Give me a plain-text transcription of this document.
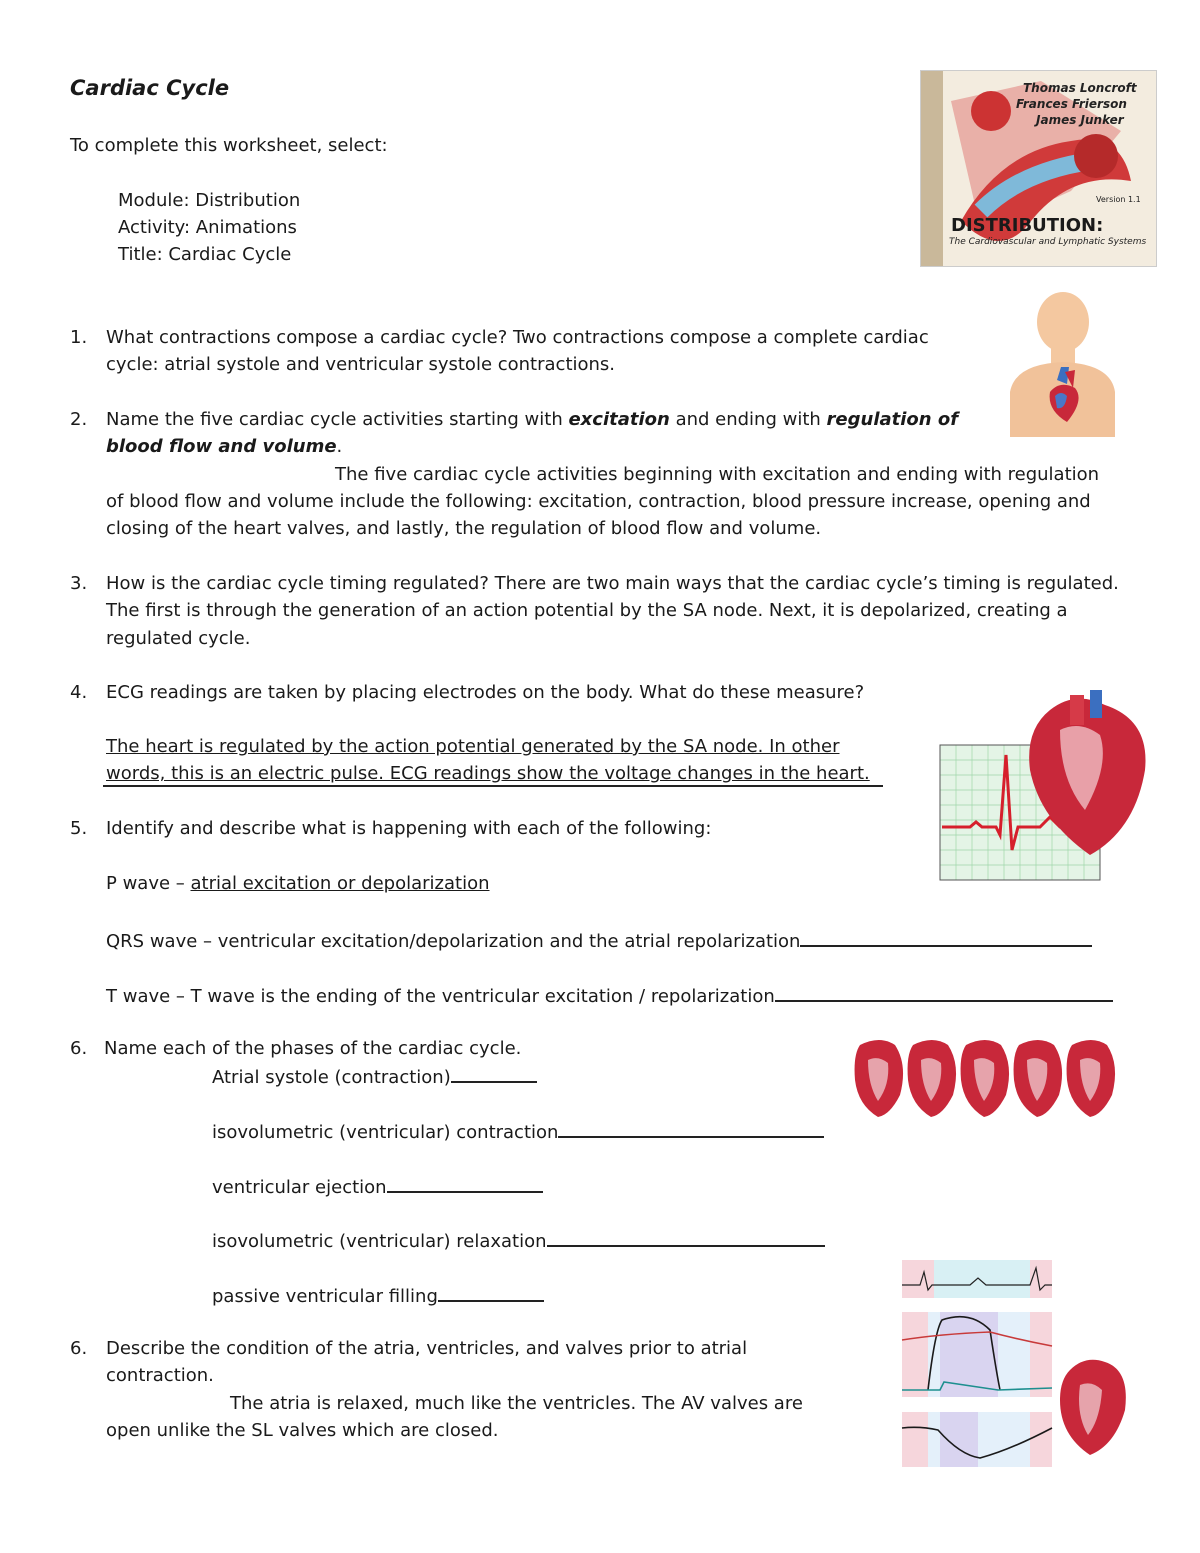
Cardiac Cycle
To complete this worksheet, select:
Module: Distribution
Activity: Animations
Title: Cardiac Cycle
Thomas Loncroft
Frances Frierson
James Junker
Version 1.1
DISTRIBUTION:
The Cardiovascular and Lymphatic Systems
1.	What contractions compose a cardiac cycle? Two contractions compose a complete cardiac
cycle: atrial systole and ventricular systole contractions.
2.	Name the five cardiac cycle activities starting with excitation and ending with regulation of
blood flow and volume.
The five cardiac cycle activities beginning with excitation and ending with regulation
of blood flow and volume include the following: excitation, contraction, blood pressure increase, opening and
closing of the heart valves, and lastly, the regulation of blood flow and volume.
3.	How is the cardiac cycle timing regulated? There are two main ways that the cardiac cycle’s timing is regulated.
The first is through the generation of an action potential by the SA node. Next, it is depolarized, creating a
regulated cycle.
4.	ECG readings are taken by placing electrodes on the body. What do these measure?
The heart is regulated by the action potential generated by the SA node. In other
words, this is an electric pulse. ECG readings show the voltage changes in the heart.
5.	Identify and describe what is happening with each of the following:
P wave – atrial excitation or depolarization
QRS wave – ventricular excitation/depolarization and the atrial repolarization
T wave – T wave is the ending of the ventricular excitation / repolarization
6. Name each of the phases of the cardiac cycle.
Atrial systole (contraction)
isovolumetric (ventricular) contraction
ventricular ejection
isovolumetric (ventricular) relaxation
passive ventricular filling
6.	Describe the condition of the atria, ventricles, and valves prior to atrial
contraction.
The atria is relaxed, much like the ventricles. The AV valves are
open unlike the SL valves which are closed.
